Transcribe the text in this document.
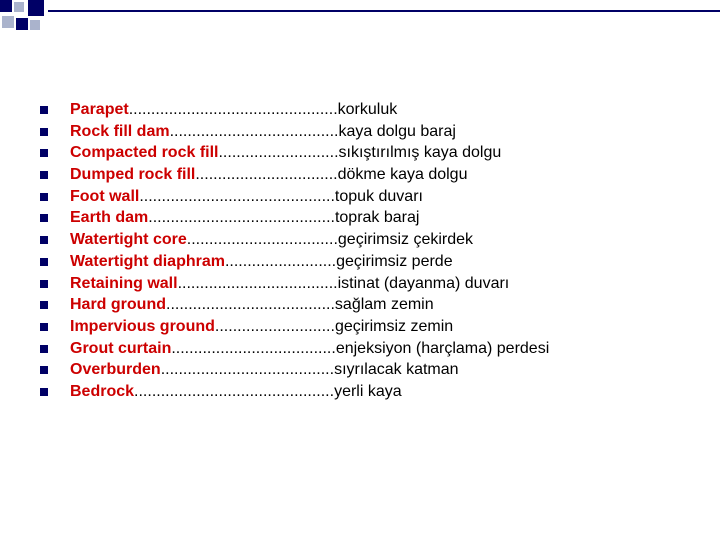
Parapet ............................................... korkuluk
Rock fill dam ...................................... kaya dolgu baraj
Compacted rock fill ........................... sıkıştırılmış kaya dolgu
Dumped rock fill ................................ dökme kaya dolgu
Foot wall ............................................ topuk duvarı
Earth dam .......................................... toprak baraj
Watertight core .................................. geçirimsiz çekirdek
Watertight diaphram ......................... geçirimsiz perde
Retaining wall .................................... istinat (dayanma) duvarı
Hard ground ...................................... sağlam zemin
Impervious ground ........................... geçirimsiz zemin
Grout curtain ..................................... enjeksiyon (harçlama) perdesi
Overburden ....................................... sıyrılacak katman
Bedrock ............................................. yerli kaya
